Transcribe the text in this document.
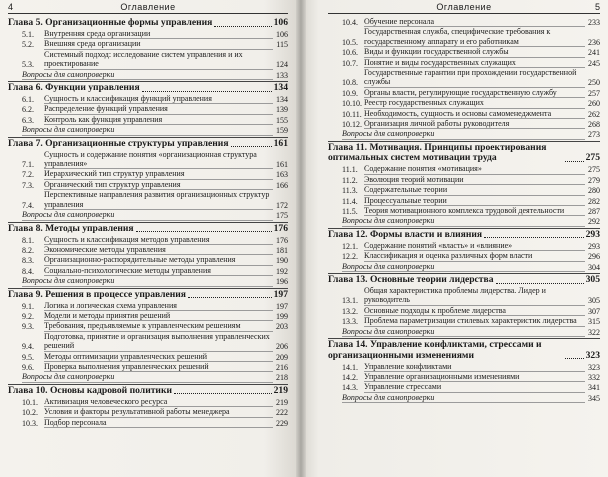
4	Оглавление
Глава 5. Организационные формы управления	106
5.1.	Внутренняя среда организации	106
5.2.	Внешняя среда организации	115
5.3.
Системный подход: исследование систем управления и их проектирование	124
Вопросы для самопроверки	133
Глава 6. Функции управления	134
6.1.	Сущность и классификация функций управления	134
6.2.	Распределение функций управления	139
6.3.	Контроль как функция управления	155
Вопросы для самопроверки	159
Глава 7. Организационные структуры управления	161
7.1.
Сущность и содержание понятия «организационная структура управления»	161
7.2.	Иерархический тип структур управления	163
7.3.	Органический тип структур управления	166
7.4.
Перспективные направления развития организационных структур управления	172
Вопросы для самопроверки	175
Глава 8. Методы управления	176
8.1.	Сущность и классификация методов управления	176
8.2.	Экономические методы управления	181
8.3.	Организационно-распорядительные методы управления	190
8.4.	Социально-психологические методы управления	192
Вопросы для самопроверки	196
Глава 9. Решения в процессе управления	197
9.1.	Логика и логическая схема управления	197
9.2.	Модели и методы принятия решений	199
9.3.	Требования, предъявляемые к управленческим решениям	203
9.4.
Подготовка, принятие и организация выполнения управленческих решений	206
9.5.	Методы оптимизации управленческих решений	209
9.6.	Проверка выполнения управленческих решений	216
Вопросы для самопроверки	218
Глава 10. Основы кадровой политики	219
10.1. Активизация человеческого ресурса	219
10.2. Условия и факторы результативной работы менеджера	222
10.3. Подбор персонала	229
5
Оглавление
10.4. Обучение персонала	233
10.5.
Государственная служба, специфические требования к государственному аппарату и его работникам	236
10.6. Виды и функции государственной службы	241
10.7. Понятие и виды государственных служащих	245
10.8.
Государственные гарантии при прохождении государственной службы	250
10.9. Органы власти, регулирующие государственную службу	257
10.10. Реестр государственных служащих	260
10.11. Необходимость, сущность и основы самоменеджмента	262
10.12. Организация личной работы руководителя	268
Вопросы для самопроверки	273
Глава 11. Мотивация. Принципы проектирования оптимальных систем мотивации труда	275
11.1. Содержание понятия «мотивация»	275
11.2. Эволюция теорий мотивации	279
11.3. Содержательные теории	280
11.4. Процессуальные теории	282
11.5. Теория мотивационного комплекса трудовой деятельности	287
Вопросы для самопроверки	292
Глава 12. Формы власти и влияния	293
12.1. Содержание понятий «власть» и «влияние»	293
12.2. Классификация и оценка различных форм власти	296
Вопросы для самопроверки	304
Глава 13. Основные теории лидерства	305
13.1.
Общая характеристика проблемы лидерства. Лидер и руководитель	305
13.2. Основные подходы к проблеме лидерства	307
13.3. Проблема параметризации стилевых характеристик лидерства	315
Вопросы для самопроверки	322
Глава 14. Управление конфликтами, стрессами и организационными изменениями	323
14.1. Управление конфликтами	323
14.2. Управление организационными изменениями	332
14.3. Управление стрессами	341
Вопросы для самопроверки	345
